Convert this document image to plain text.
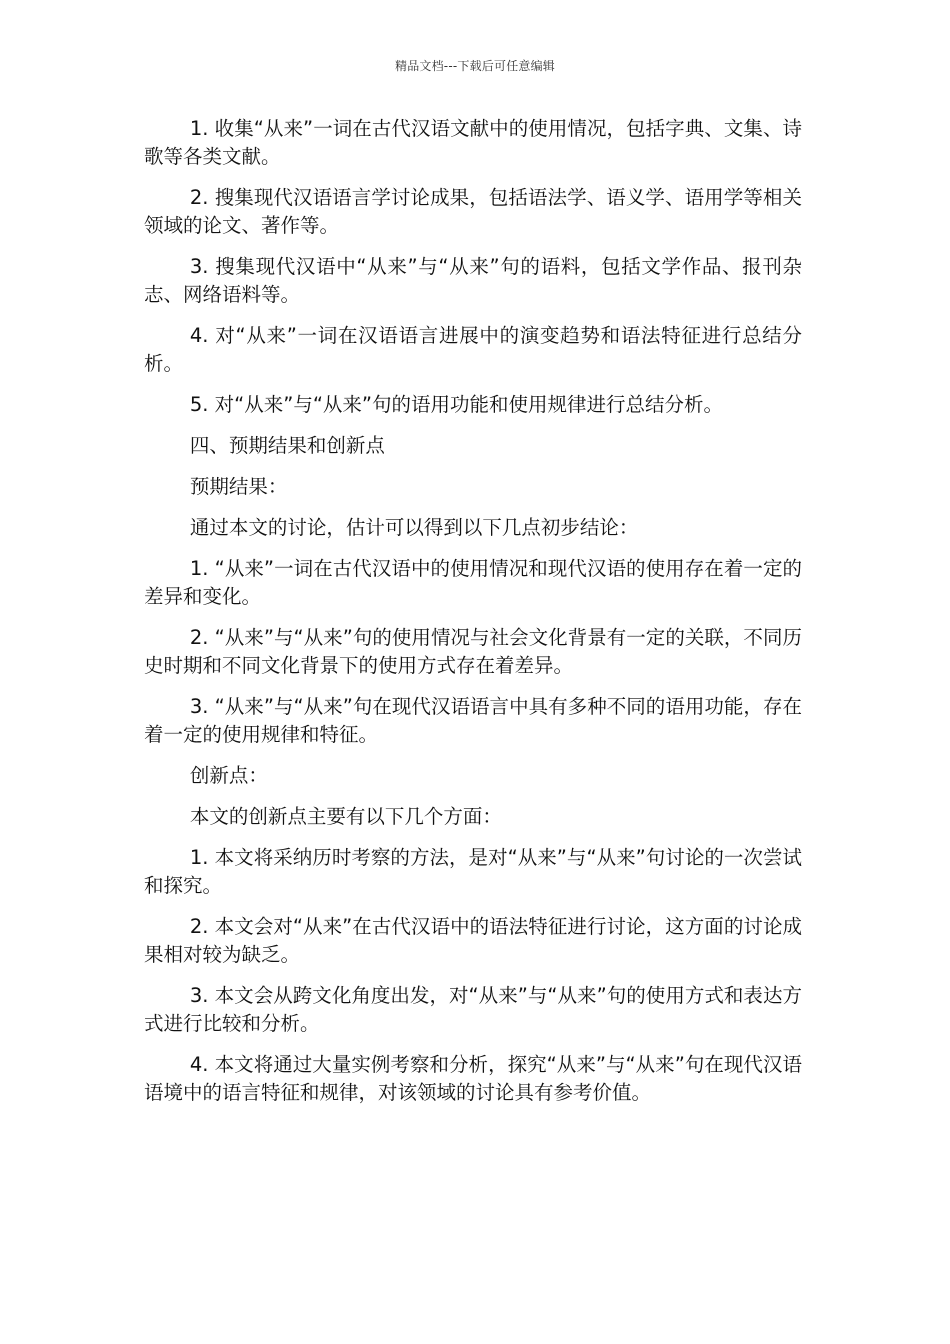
精品文档---下载后可任意编辑

1. 收集“从来”一词在古代汉语文献中的使用情况，包括字典、文集、诗歌等各类文献。

2. 搜集现代汉语语言学讨论成果，包括语法学、语义学、语用学等相关领域的论文、著作等。

3. 搜集现代汉语中“从来”与“从来”句的语料，包括文学作品、报刊杂志、网络语料等。

4. 对“从来”一词在汉语语言进展中的演变趋势和语法特征进行总结分析。

5. 对“从来”与“从来”句的语用功能和使用规律进行总结分析。

四、预期结果和创新点

预期结果：

通过本文的讨论，估计可以得到以下几点初步结论：

1. “从来”一词在古代汉语中的使用情况和现代汉语的使用存在着一定的差异和变化。

2. “从来”与“从来”句的使用情况与社会文化背景有一定的关联，不同历史时期和不同文化背景下的使用方式存在着差异。

3. “从来”与“从来”句在现代汉语语言中具有多种不同的语用功能，存在着一定的使用规律和特征。

创新点：

本文的创新点主要有以下几个方面：

1. 本文将采纳历时考察的方法，是对“从来”与“从来”句讨论的一次尝试和探究。

2. 本文会对“从来”在古代汉语中的语法特征进行讨论，这方面的讨论成果相对较为缺乏。

3. 本文会从跨文化角度出发，对“从来”与“从来”句的使用方式和表达方式进行比较和分析。

4. 本文将通过大量实例考察和分析，探究“从来”与“从来”句在现代汉语语境中的语言特征和规律，对该领域的讨论具有参考价值。
